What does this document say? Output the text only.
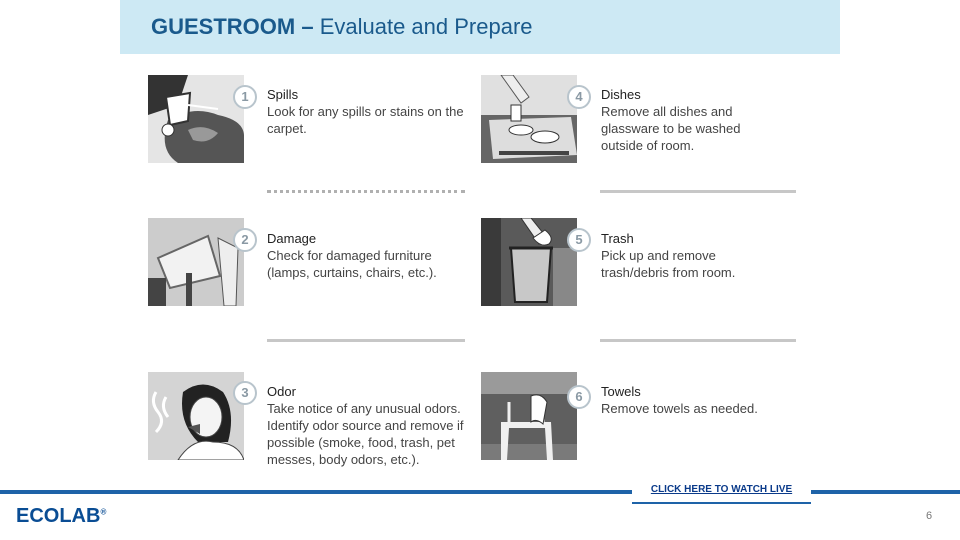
GUESTROOM – Evaluate and Prepare
1	Spills
Look for any spills or stains on the carpet.
2	Damage
Check for damaged furniture (lamps, curtains, chairs, etc.).
3	Odor
Take notice of any unusual odors. Identify odor source and remove if possible (smoke, food, trash, pet messes, body odors, etc.).
4	Dishes
Remove all dishes and glassware to be washed outside of room.
5	Trash
Pick up and remove trash/debris from room.
6	Towels
Remove towels as needed.
CLICK HERE TO WATCH LIVE
ECOLAB®	6
